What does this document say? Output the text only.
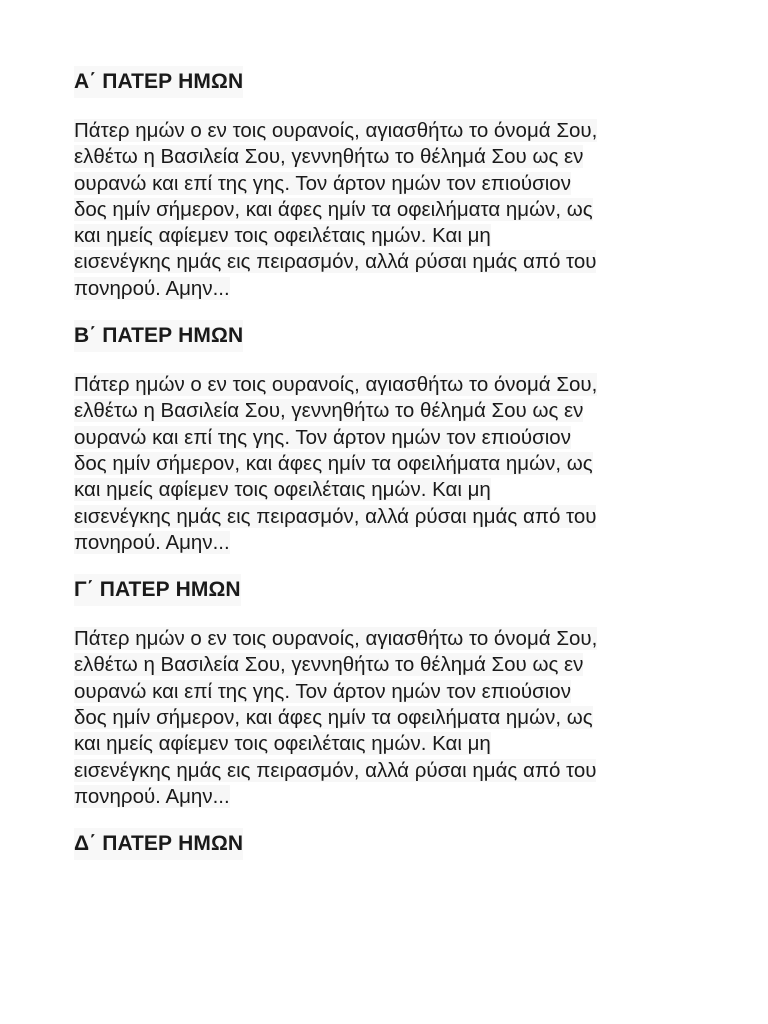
Α΄ ΠΑΤΕΡ ΗΜΩΝ
Πάτερ ημών ο εν τοις ουρανοίς, αγιασθήτω το όνομά Σου,
ελθέτω η Βασιλεία Σου, γεννηθήτω το θέλημά Σου ως εν
ουρανώ και επί της γης. Τον άρτον ημών τον επιούσιον
δος ημίν σήμερον, και άφες ημίν τα οφειλήματα ημών, ως
και ημείς αφίεμεν τοις οφειλέταις ημών. Και μη
εισενέγκης ημάς εις πειρασμόν, αλλά ρύσαι ημάς από του
πονηρού. Αμην...
Β΄ ΠΑΤΕΡ ΗΜΩΝ
Πάτερ ημών ο εν τοις ουρανοίς, αγιασθήτω το όνομά Σου,
ελθέτω η Βασιλεία Σου, γεννηθήτω το θέλημά Σου ως εν
ουρανώ και επί της γης. Τον άρτον ημών τον επιούσιον
δος ημίν σήμερον, και άφες ημίν τα οφειλήματα ημών, ως
και ημείς αφίεμεν τοις οφειλέταις ημών. Και μη
εισενέγκης ημάς εις πειρασμόν, αλλά ρύσαι ημάς από του
πονηρού. Αμην...
Γ΄ ΠΑΤΕΡ ΗΜΩΝ
Πάτερ ημών ο εν τοις ουρανοίς, αγιασθήτω το όνομά Σου,
ελθέτω η Βασιλεία Σου, γεννηθήτω το θέλημά Σου ως εν
ουρανώ και επί της γης. Τον άρτον ημών τον επιούσιον
δος ημίν σήμερον, και άφες ημίν τα οφειλήματα ημών, ως
και ημείς αφίεμεν τοις οφειλέταις ημών. Και μη
εισενέγκης ημάς εις πειρασμόν, αλλά ρύσαι ημάς από του
πονηρού. Αμην...
Δ΄ ΠΑΤΕΡ ΗΜΩΝ
